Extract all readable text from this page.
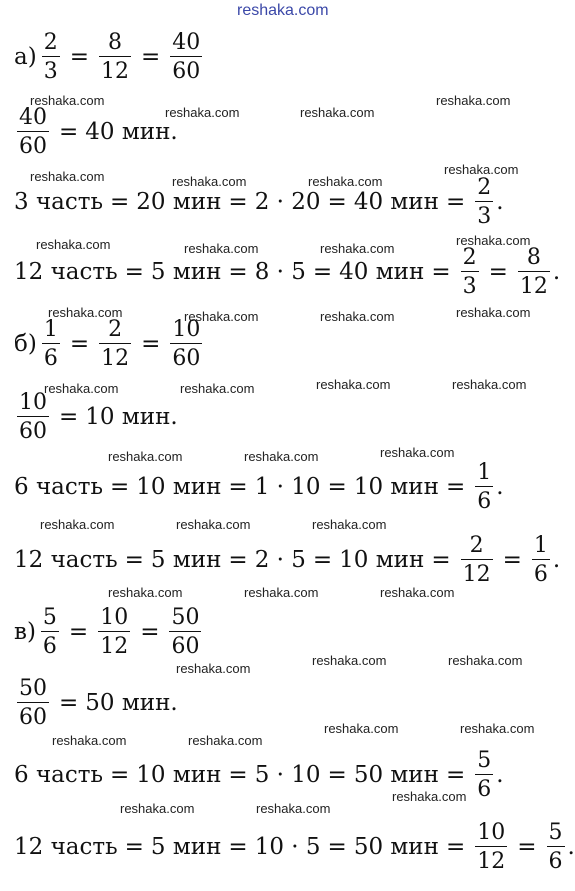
reshaka.com
reshaka.com
reshaka.com	reshaka.com
reshaka.com
reshaka.com	reshaka.com	reshaka.com
reshaka.com
reshaka.com	reshaka.com	reshaka.com
reshaka.com
reshaka.com	reshaka.com	reshaka.com	reshaka.com
reshaka.com	reshaka.com	reshaka.com	reshaka.com
reshaka.com	reshaka.com	reshaka.com
reshaka.com	reshaka.com	reshaka.com
reshaka.com	reshaka.com	reshaka.com
reshaka.com
reshaka.com	reshaka.com
reshaka.com	reshaka.com
reshaka.com	reshaka.com
reshaka.com	reshaka.com
reshaka.com
$а) \frac{2}{3} = \frac{8}{12} = \frac{40}{60}$
$\frac{40}{60} = 40$ мин.
3 часть = 20 мин = 2 · 20 = 40 мин = $\frac{2}{3}$ .
12 часть = 5 мин = 8 · 5 = 40 мин = $\frac{2}{3} = \frac{8}{12}$ .
$б) \frac{1}{6} = \frac{2}{12} = \frac{10}{60}$
$\frac{10}{60} = 10$ мин.
6 часть = 10 мин = 1 · 10 = 10 мин = $\frac{1}{6}$ .
12 часть = 5 мин = 2 · 5 = 10 мин = $\frac{2}{12} = \frac{1}{6}$ .
$в) \frac{5}{6} = \frac{10}{12} = \frac{50}{60}$
$\frac{50}{60} = 50$ мин.
6 часть = 10 мин = 5 · 10 = 50 мин = $\frac{5}{6}$ .
12 часть = 5 мин = 10 · 5 = 50 мин = $\frac{10}{12} = \frac{5}{6}$ .
